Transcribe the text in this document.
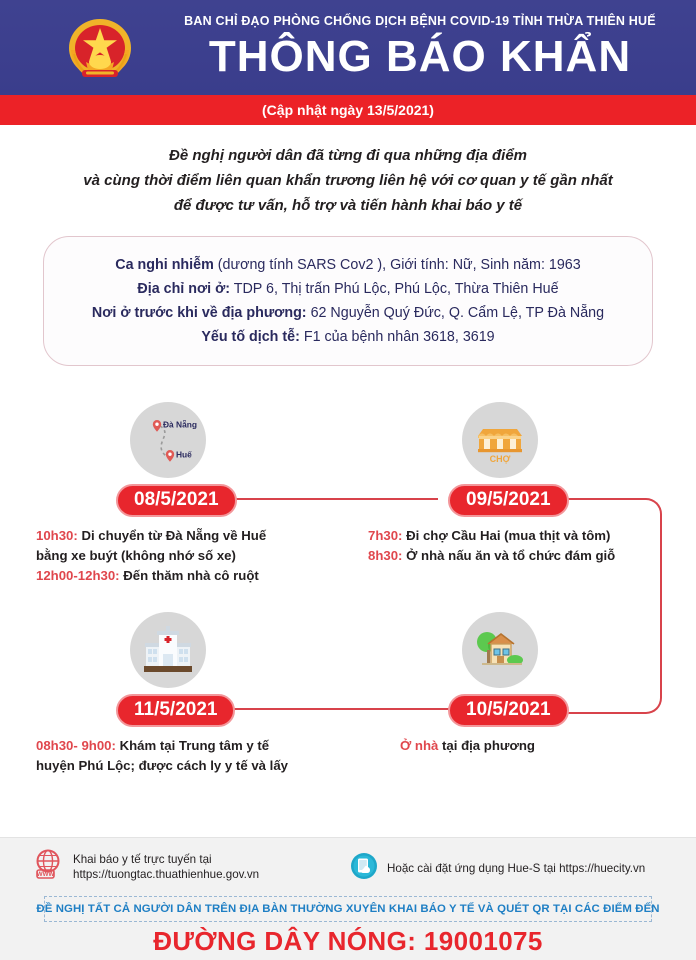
BAN CHỈ ĐẠO PHÒNG CHỐNG DỊCH BỆNH COVID-19 TỈNH THỪA THIÊN HUẾ
THÔNG BÁO KHẨN
(Cập nhật ngày 13/5/2021)
Đề nghị người dân đã từng đi qua những địa điểm
và cùng thời điểm liên quan khẩn trương liên hệ với cơ quan y tế gần nhất
để được tư vấn, hỗ trợ và tiến hành khai báo y tế
Ca nghi nhiễm (dương tính SARS Cov2 ), Giới tính: Nữ, Sinh năm: 1963
Địa chỉ nơi ở: TDP 6, Thị trấn Phú Lộc, Phú Lộc, Thừa Thiên Huế
Nơi ở trước khi về địa phương: 62 Nguyễn Quý Đức, Q. Cẩm Lệ, TP Đà Nẵng
Yếu tố dịch tễ: F1 của bệnh nhân 3618, 3619
Đà Nẵng
Huế
08/5/2021
10h30: Di chuyển từ Đà Nẵng về Huế
bằng xe buýt (không nhớ số xe)
12h00-12h30: Đến thăm nhà cô ruột
CHỢ
09/5/2021
7h30: Đi chợ Cầu Hai (mua thịt và tôm)
8h30: Ở nhà nấu ăn và tổ chức đám giỗ
11/5/2021
08h30- 9h00: Khám tại Trung tâm y tế
huyện Phú Lộc; được cách ly y tế và lấy
10/5/2021
Ở nhà tại địa phương
WWW
Khai báo y tế trực tuyến tại
https://tuongtac.thuathienhue.gov.vn	Hoặc cài đặt ứng dụng Hue-S tại https://huecity.vn
ĐỀ NGHỊ TẤT CẢ NGƯỜI DÂN TRÊN ĐỊA BÀN THƯỜNG XUYÊN KHAI BÁO Y TẾ VÀ QUÉT QR TẠI CÁC ĐIỂM ĐẾN
ĐƯỜNG DÂY NÓNG: 19001075
